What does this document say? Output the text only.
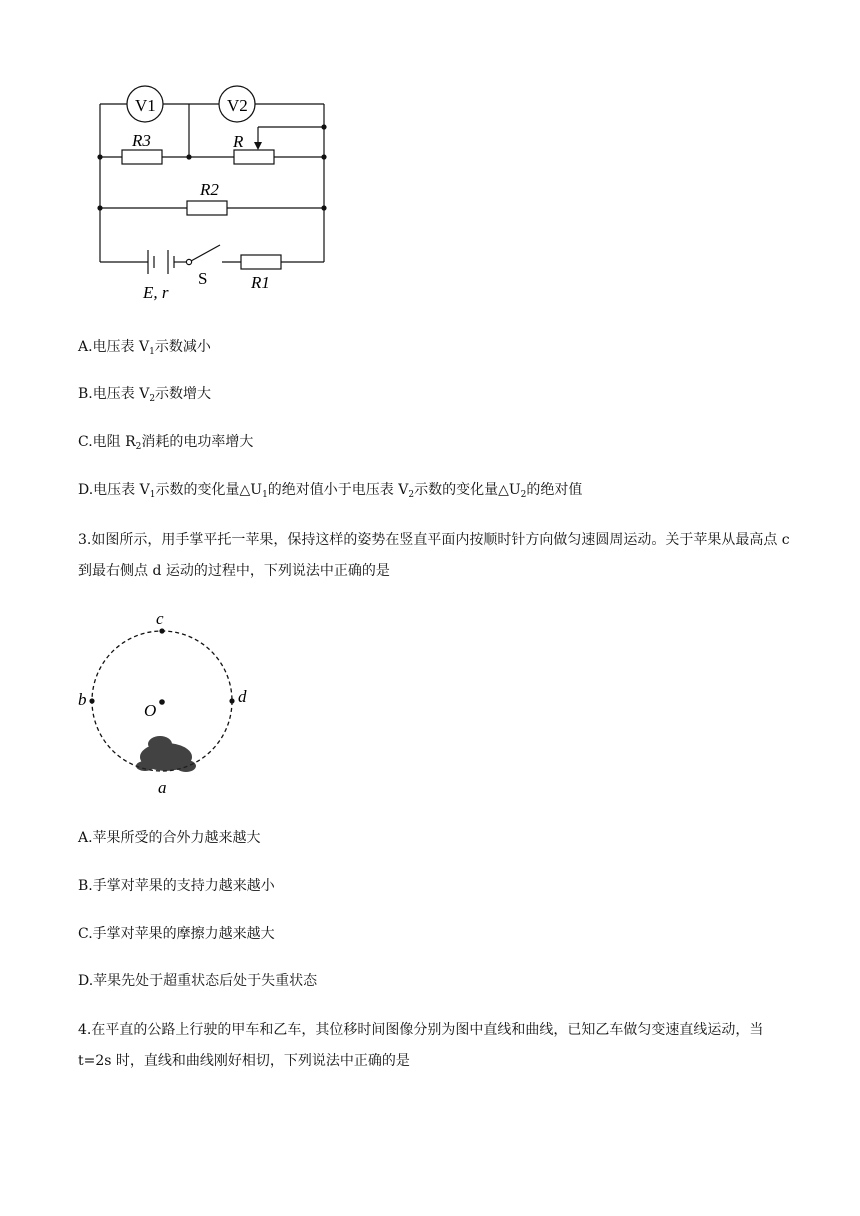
V1	V2
R3	R
R2
S
E, r
R1
A.电压表 $V_1$示数减小
B.电压表 $V_2$示数增大
C.电阻 $R_2$消耗的电功率增大
D.电压表 $V_1$示数的变化量$\triangle U_1$的绝对值小于电压表 $V_2$示数的变化量$\triangle U_2$的绝对值
3.如图所示，用手掌平托一苹果，保持这样的姿势在竖直平面内按顺时针方向做匀速圆周运动。关于苹果从最高点 c 到最右侧点 d 运动的过程中，下列说法中正确的是
c
b	d
O
a
A.苹果所受的合外力越来越大
B.手掌对苹果的支持力越来越小
C.手掌对苹果的摩擦力越来越大
D.苹果先处于超重状态后处于失重状态
4.在平直的公路上行驶的甲车和乙车，其位移时间图像分别为图中直线和曲线，已知乙车做匀变速直线运动，当 t=2s 时，直线和曲线刚好相切，下列说法中正确的是
